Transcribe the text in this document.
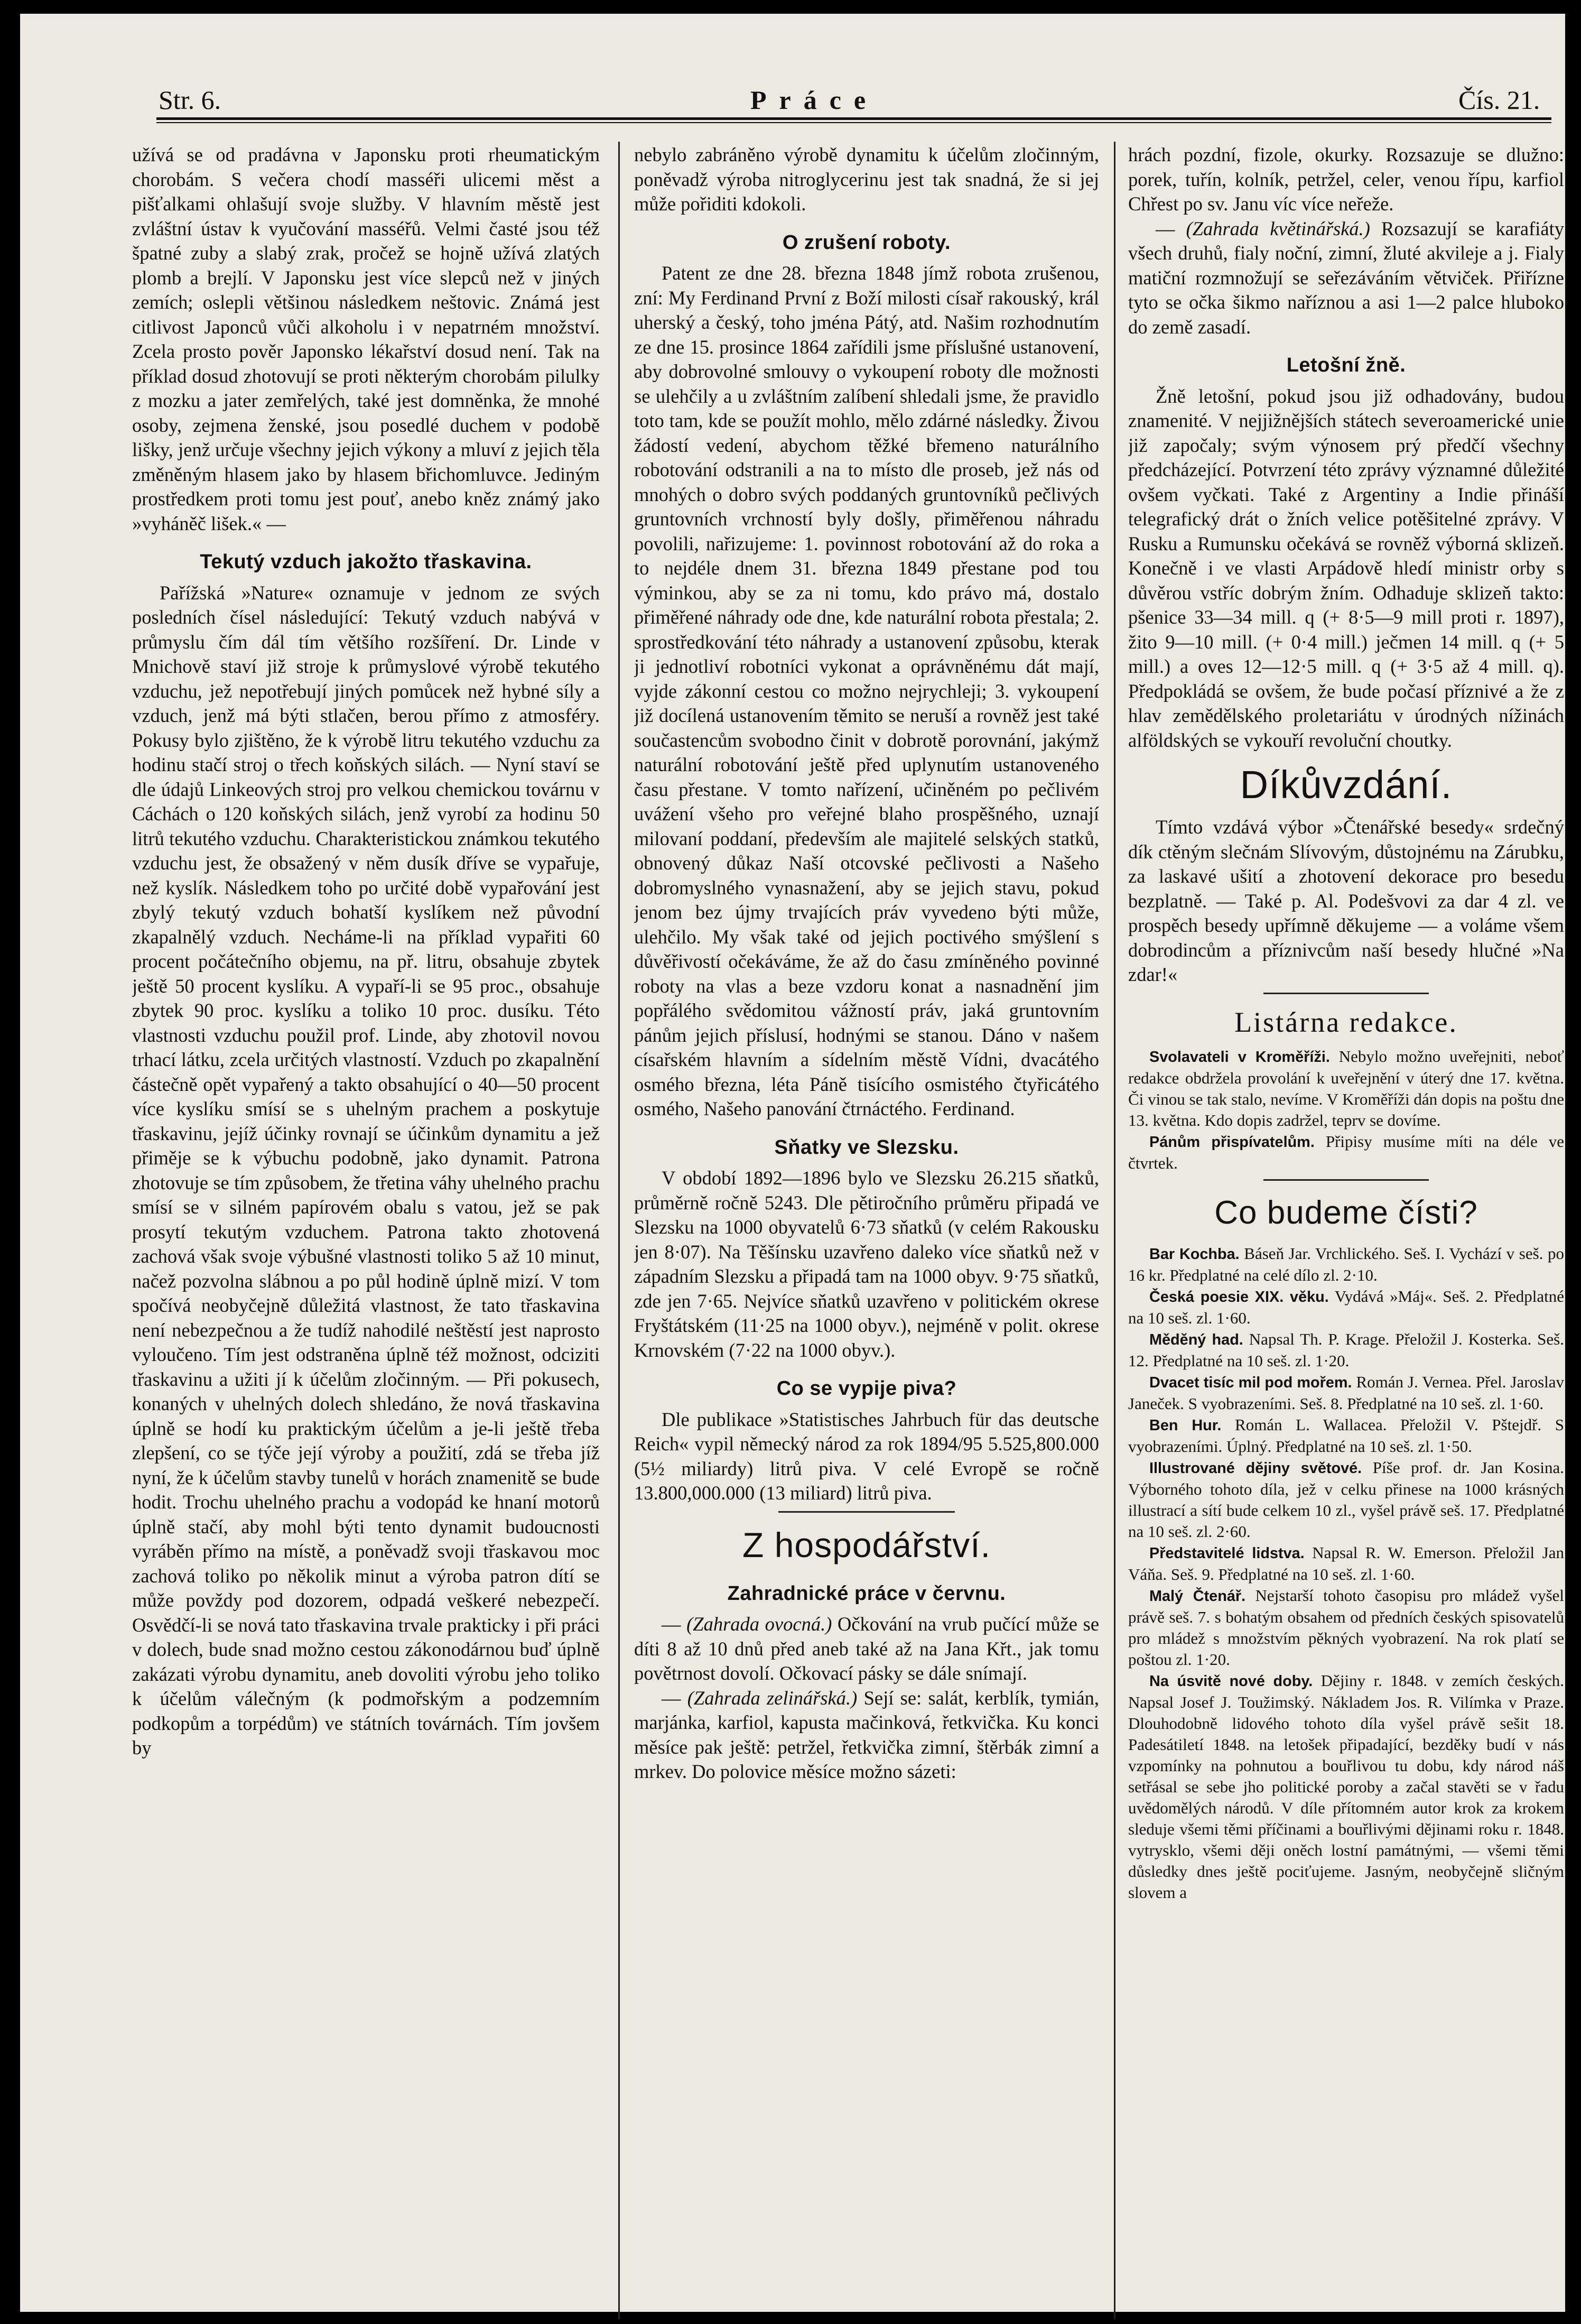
Str. 6.	Práce	Čís. 21.

užívá se od pradávna v Japonsku proti rheumatickým chorobám. S večera chodí masséři ulicemi měst a pišťalkami ohlašují svoje služby. V hlavním městě jest zvláštní ústav k vyučování masséřů. Velmi časté jsou též špatné zuby a slabý zrak, pročež se hojně užívá zlatých plomb a brejlí. V Japonsku jest více slepců než v jiných zemích; oslepli většinou následkem neštovic. Známá jest citlivost Japonců vůči alkoholu i v nepatrném množství. Zcela prosto pověr Japonsko lékařství dosud není. Tak na příklad dosud zhotovují se proti některým chorobám pilulky z mozku a jater zemřelých, také jest domněnka, že mnohé osoby, zejmena ženské, jsou posedlé duchem v podobě lišky, jenž určuje všechny jejich výkony a mluví z jejich těla změněným hlasem jako by hlasem břichomluvce. Jediným prostředkem proti tomu jest pouť, anebo kněz známý jako »vyháněč lišek.« —

Tekutý vzduch jakožto třaskavina.

Pařížská »Nature« oznamuje v jednom ze svých posledních čísel následující: Tekutý vzduch nabývá v průmyslu čím dál tím většího rozšíření. Dr. Linde v Mnichově staví již stroje k průmyslové výrobě tekutého vzduchu, jež nepotřebují jiných pomůcek než hybné síly a vzduch, jenž má býti stlačen, berou přímo z atmosféry. Pokusy bylo zjištěno, že k výrobě litru tekutého vzduchu za hodinu stačí stroj o třech koňských silách. — Nyní staví se dle údajů Linkeových stroj pro velkou chemickou továrnu v Cáchách o 120 koňských silách, jenž vyrobí za hodinu 50 litrů tekutého vzduchu. Charakteristickou známkou tekutého vzduchu jest, že obsažený v něm dusík dříve se vypařuje, než kyslík. Následkem toho po určité době vypařování jest zbylý tekutý vzduch bohatší kyslíkem než původní zkapalnělý vzduch. Necháme-li na příklad vypařiti 60 procent počátečního objemu, na př. litru, obsahuje zbytek ještě 50 procent kyslíku. A vypaří-li se 95 proc., obsahuje zbytek 90 proc. kyslíku a toliko 10 proc. dusíku. Této vlastnosti vzduchu použil prof. Linde, aby zhotovil novou trhací látku, zcela určitých vlastností. Vzduch po zkapalnění částečně opět vypařený a takto obsahující o 40—50 procent více kyslíku smísí se s uhelným prachem a poskytuje třaskavinu, jejíž účinky rovnají se účinkům dynamitu a jež přiměje se k výbuchu podobně, jako dynamit. Patrona zhotovuje se tím způsobem, že třetina váhy uhelného prachu smísí se v silném papírovém obalu s vatou, jež se pak prosytí tekutým vzduchem. Patrona takto zhotovená zachová však svoje výbušné vlastnosti toliko 5 až 10 minut, načež pozvolna slábnou a po půl hodině úplně mizí. V tom spočívá neobyčejně důležitá vlastnost, že tato třaskavina není nebezpečnou a že tudíž nahodilé neštěstí jest naprosto vyloučeno. Tím jest odstraněna úplně též možnost, odciziti třaskavinu a užiti jí k účelům zločinným. — Při pokusech, konaných v uhelných dolech shledáno, že nová třaskavina úplně se hodí ku praktickým účelům a je-li ještě třeba zlepšení, co se týče její výroby a použití, zdá se třeba jíž nyní, že k účelům stavby tunelů v horách znamenitě se bude hodit. Trochu uhelného prachu a vodopád ke hnaní motorů úplně stačí, aby mohl býti tento dynamit budoucnosti vyráběn přímo na místě, a poněvadž svoji třaskavou moc zachová toliko po několik minut a výroba patron dítí se může povždy pod dozorem, odpadá veškeré nebezpečí. Osvědčí-li se nová tato třaskavina trvale prakticky i při práci v dolech, bude snad možno cestou zákonodárnou buď úplně zakázati výrobu dynamitu, aneb dovoliti výrobu jeho toliko k účelům válečným (k podmořským a podzemním podkopům a torpédům) ve státních továrnách. Tím jovšem by

nebylo zabráněno výrobě dynamitu k účelům zločinným, poněvadž výroba nitroglycerinu jest tak snadná, že si jej může pořiditi kdokoli.

O zrušení roboty.

Patent ze dne 28. března 1848 jímž robota zrušenou, zní: My Ferdinand První z Boží milosti císař rakouský, král uherský a český, toho jména Pátý, atd. Našim rozhodnutím ze dne 15. prosince 1864 zařídili jsme příslušné ustanovení, aby dobrovolné smlouvy o vykoupení roboty dle možnosti se ulehčily a u zvláštním zalíbení shledali jsme, že pravidlo toto tam, kde se použít mohlo, mělo zdárné následky. Živou žádostí vedení, abychom těžké břemeno naturálního robotování odstranili a na to místo dle proseb, jež nás od mnohých o dobro svých poddaných gruntovníků pečlivých gruntovních vrchností byly došly, přiměřenou náhradu povolili, nařizujeme: 1. povinnost robotování až do roka a to nejdéle dnem 31. března 1849 přestane pod tou výminkou, aby se za ni tomu, kdo právo má, dostalo přiměřené náhrady ode dne, kde naturální robota přestala; 2. sprostředkování této náhrady a ustanovení způsobu, kterak ji jednotliví robotníci vykonat a oprávněnému dát mají, vyjde zákonní cestou co možno nejrychleji; 3. vykoupení již docílená ustanovením těmito se neruší a rovněž jest také součastencům svobodno činit v dobrotě porovnání, jakýmž naturální robotování ještě před uplynutím ustanoveného času přestane. V tomto nařízení, učiněném po pečlivém uvážení všeho pro veřejné blaho prospěšného, uznají milovaní poddaní, především ale majitelé selských statků, obnovený důkaz Naší otcovské pečlivosti a Našeho dobromyslného vynasnažení, aby se jejich stavu, pokud jenom bez újmy trvajících práv vyvedeno býti může, ulehčilo. My však také od jejich poctivého smýšlení s důvěřivostí očekáváme, že až do času zmíněného povinné roboty na vlas a beze vzdoru konat a nasnadnění jim popřálého svědomitou vážností práv, jaká gruntovním pánům jejich příslusí, hodnými se stanou. Dáno v našem císařském hlavním a sídelním městě Vídni, dvacátého osmého března, léta Páně tisícího osmistého čtyřicátého osmého, Našeho panování čtrnáctého. Ferdinand.

Sňatky ve Slezsku.

V období 1892—1896 bylo ve Slezsku 26.215 sňatků, průměrně ročně 5243. Dle pětiročního průměru připadá ve Slezsku na 1000 obyvatelů 6·73 sňatků (v celém Rakousku jen 8·07). Na Těšínsku uzavřeno daleko více sňatků než v západním Slezsku a připadá tam na 1000 obyv. 9·75 sňatků, zde jen 7·65. Nejvíce sňatků uzavřeno v politickém okrese Fryštátském (11·25 na 1000 obyv.), nejméně v polit. okrese Krnovském (7·22 na 1000 obyv.).

Co se vypije piva?

Dle publikace »Statistisches Jahrbuch für das deutsche Reich« vypil německý národ za rok 1894/95 5.525,800.000 (5½ miliardy) litrů piva. V celé Evropě se ročně 13.800,000.000 (13 miliard) litrů piva.

Z hospodářství.
Zahradnické práce v červnu.

— (Zahrada ovocná.) Očkování na vrub pučící může se díti 8 až 10 dnů před aneb také až na Jana Křt., jak tomu povětrnost dovolí. Očkovací pásky se dále snímají.

— (Zahrada zelinářská.) Sejí se: salát, kerblík, tymián, marjánka, karfiol, kapusta mačinková, řetkvička. Ku konci měsíce pak ještě: petržel, řetkvička zimní, štěrbák zimní a mrkev. Do polovice měsíce možno sázeti:

hrách pozdní, fizole, okurky. Rozsazuje se dlužno: porek, tuřín, kolník, petržel, celer, venou řípu, karfiol Chřest po sv. Janu víc více neřeže.

— (Zahrada květinářská.) Rozsazují se karafiáty všech druhů, fialy noční, zimní, žluté akvileje a j. Fialy matiční rozmnožují se seřezáváním větviček. Přiřízne tyto se očka šikmo naříznou a asi 1—2 palce hluboko do země zasadí.

Letošní žně.

Žně letošní, pokud jsou již odhadovány, budou znamenité. V nejjižnějších státech severoamerické unie již započaly; svým výnosem prý předčí všechny předcházející. Potvrzení této zprávy významné důležité ovšem vyčkati. Také z Argentiny a Indie přináší telegrafický drát o žních velice potěšitelné zprávy. V Rusku a Rumunsku očekává se rovněž výborná sklizeň. Konečně i ve vlasti Arpádově hledí ministr orby s důvěrou vstříc dobrým žním. Odhaduje sklizeň takto: pšenice 33—34 mill. q (+ 8·5—9 mill proti r. 1897), žito 9—10 mill. (+ 0·4 mill.) ječmen 14 mill. q (+ 5 mill.) a oves 12—12·5 mill. q (+ 3·5 až 4 mill. q). Předpokládá se ovšem, že bude počasí příznivé a že z hlav zemědělského proletariátu v úrodných nížinách alföldských se vykouří revoluční choutky.

Díkůvzdání.

Tímto vzdává výbor »Čtenářské besedy« srdečný dík ctěným slečnám Slívovým, důstojnému na Zárubku, za laskavé ušití a zhotovení dekorace pro besedu bezplatně. — Také p. Al. Podešvovi za dar 4 zl. ve prospěch besedy upřímně děkujeme — a voláme všem dobrodincům a příznivcům naší besedy hlučné »Na zdar!«

Listárna redakce.

Svolavateli v Kroměříži. Nebylo možno uveřejniti, neboť redakce obdržela provolání k uveřejnění v úterý dne 17. května. Či vinou se tak stalo, nevíme. V Kroměříži dán dopis na poštu dne 13. května. Kdo dopis zadržel, teprv se dovíme.

Pánům přispívatelům. Připisy musíme míti na déle ve čtvrtek.

Co budeme čísti?

Bar Kochba. Báseň Jar. Vrchlického. Seš. I. Vychází v seš. po 16 kr. Předplatné na celé dílo zl. 2·10.

Česká poesie XIX. věku. Vydává »Máj«. Seš. 2. Předplatné na 10 seš. zl. 1·60.

Měděný had. Napsal Th. P. Krage. Přeložil J. Kosterka. Seš. 12. Předplatné na 10 seš. zl. 1·20.

Dvacet tisíc mil pod mořem. Román J. Vernea. Přel. Jaroslav Janeček. S vyobrazeními. Seš. 8. Předplatné na 10 seš. zl. 1·60.

Ben Hur. Román L. Wallacea. Přeložil V. Pštejdř. S vyobrazeními. Úplný. Předplatné na 10 seš. zl. 1·50.

Illustrované dějiny světové. Píše prof. dr. Jan Kosina. Výborného tohoto díla, jež v celku přinese na 1000 krásných illustrací a sítí bude celkem 10 zl., vyšel právě seš. 17. Předplatné na 10 seš. zl. 2·60.

Představitelé lidstva. Napsal R. W. Emerson. Přeložil Jan Váňa. Seš. 9. Předplatné na 10 seš. zl. 1·60.

Malý Čtenář. Nejstarší tohoto časopisu pro mládež vyšel právě seš. 7. s bohatým obsahem od předních českých spisovatelů pro mládež s množstvím pěkných vyobrazení. Na rok platí se poštou zl. 1·20.

Na úsvitě nové doby. Dějiny r. 1848. v zemích českých. Napsal Josef J. Toužimský. Nákladem Jos. R. Vilímka v Praze. Dlouhodobně lidového tohoto díla vyšel právě sešit 18. Padesátiletí 1848. na letošek připadající, bezděky budí v nás vzpomínky na pohnutou a bouřlivou tu dobu, kdy národ náš setřásal se sebe jho politické poroby a začal stavěti se v řadu uvědomělých národů. V díle přítomném autor krok za krokem sleduje všemi těmi příčinami a bouřlivými dějinami roku r. 1848. vytrysklo, všemi ději oněch lostní památnými, — všemi těmi důsledky dnes ještě pociťujeme. Jasným, neobyčejně sličným slovem a
